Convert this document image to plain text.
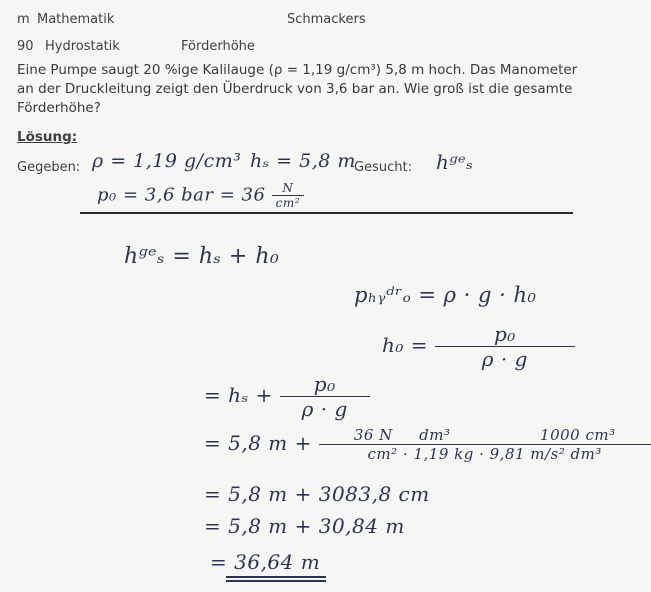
m Mathematik	Schmackers
90 Hydrostatik	Förderhöhe
Eine Pumpe saugt 20 %ige Kalilauge (ρ = 1,19 g/cm³) 5,8 m hoch. Das Manometer
an der Druckleitung zeigt den Überdruck von 3,6 bar an. Wie groß ist die gesamte
Förderhöhe?
Lösung:
Gegeben:	Gesucht:
ρ = 1,19 g/cm³ hₛ = 5,8 m	hᵍᵉₛ
p₀ = 3,6 bar = $36 \frac{N}{\text{cm²}}$
hᵍᵉₛ = hₛ + h₀
pₕᵧᵈʳₒ = ρ · g · h₀
$h_0 = \frac{\text{p₀}}{\rho \cdot g}$
= $h_s + \frac{\text{p₀}}{\rho \cdot g}$
= 5,8 $m + \frac{\text{36 N     dm³                 1000 cm³}}{\text{cm² · 1,19 kg · 9,81 m/s² dm³}}$
= 5,8 m + 3083,8 cm
= 5,8 m + 30,84 m
= 36,64 m
